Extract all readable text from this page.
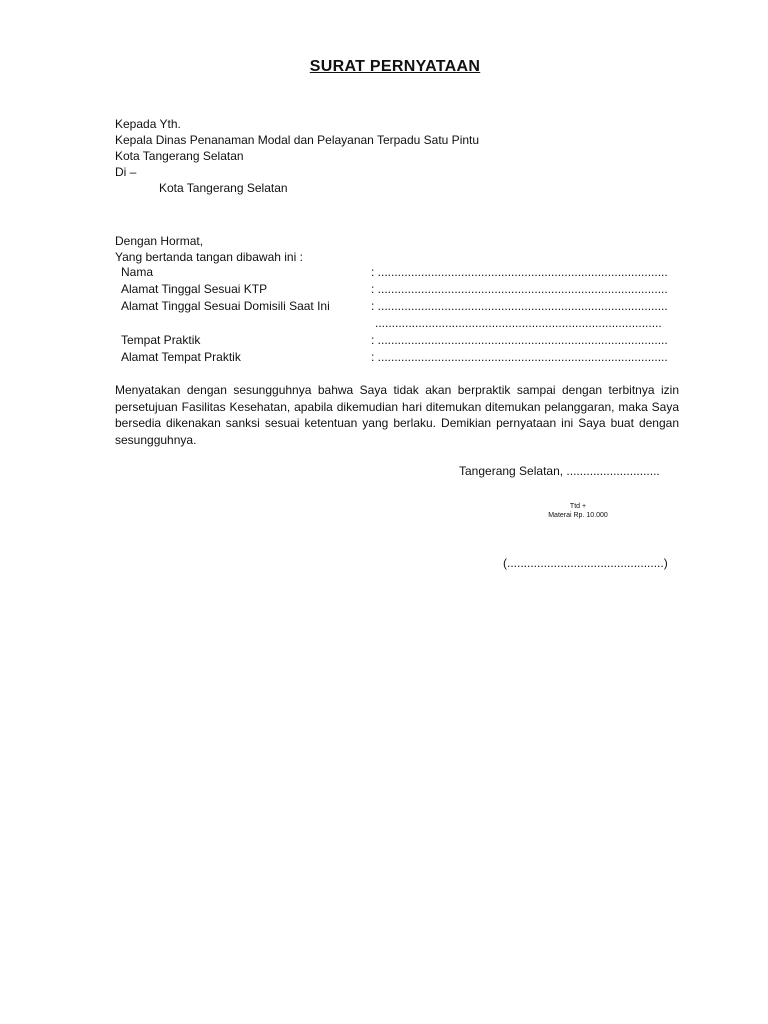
SURAT PERNYATAAN
Kepada Yth.
Kepala Dinas Penanaman Modal dan Pelayanan Terpadu Satu Pintu
Kota Tangerang Selatan
Di –
Kota Tangerang Selatan
Dengan Hormat,
Yang bertanda tangan dibawah ini :
Nama	: .......................................................................................
Alamat Tinggal Sesuai KTP	: .......................................................................................
Alamat Tinggal Sesuai Domisili Saat Ini	: .......................................................................................
......................................................................................
Tempat Praktik	: .......................................................................................
Alamat Tempat Praktik	: .......................................................................................

Menyatakan dengan sesungguhnya bahwa Saya tidak akan berpraktik sampai dengan terbitnya izin persetujuan Fasilitas Kesehatan, apabila dikemudian hari ditemukan ditemukan pelanggaran, maka Saya bersedia dikenakan sanksi sesuai ketentuan yang berlaku. Demikian pernyataan ini Saya buat dengan sesungguhnya.

Tangerang Selatan, ............................
Ttd +
Materai Rp. 10.000
(...............................................)
